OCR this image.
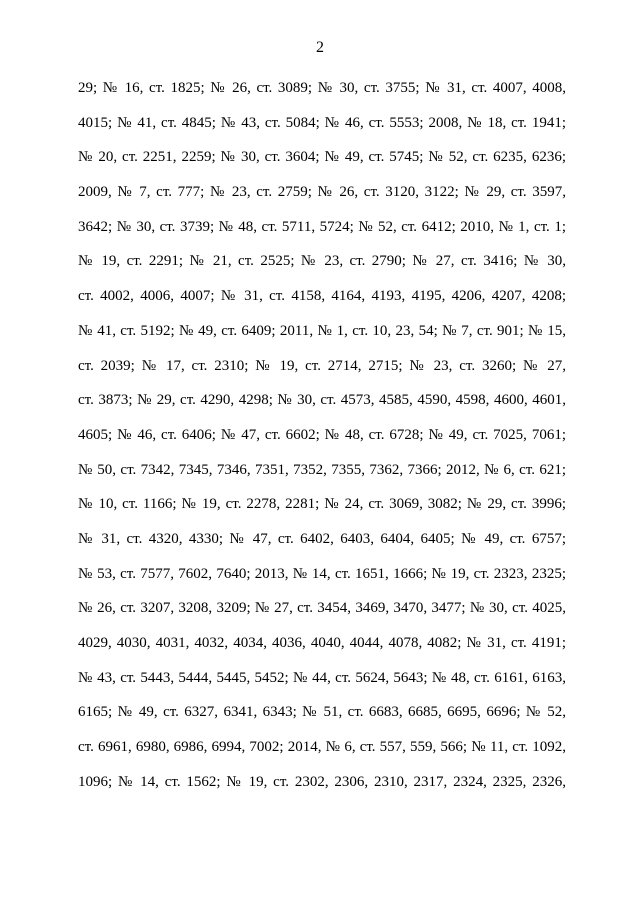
2
29; № 16, ст. 1825; № 26, ст. 3089; № 30, ст. 3755; № 31, ст. 4007, 4008,
4015; № 41, ст. 4845; № 43, ст. 5084; № 46, ст. 5553; 2008, № 18, ст. 1941;
№ 20, ст. 2251, 2259; № 30, ст. 3604; № 49, ст. 5745; № 52, ст. 6235, 6236;
2009, № 7, ст. 777; № 23, ст. 2759; № 26, ст. 3120, 3122; № 29, ст. 3597,
3642; № 30, ст. 3739; № 48, ст. 5711, 5724; № 52, ст. 6412; 2010, № 1, ст. 1;
№ 19, ст. 2291; № 21, ст. 2525; № 23, ст. 2790; № 27, ст. 3416; № 30,
ст. 4002, 4006, 4007; № 31, ст. 4158, 4164, 4193, 4195, 4206, 4207, 4208;
№ 41, ст. 5192; № 49, ст. 6409; 2011, № 1, ст. 10, 23, 54; № 7, ст. 901; № 15,
ст. 2039; № 17, ст. 2310; № 19, ст. 2714, 2715; № 23, ст. 3260; № 27,
ст. 3873; № 29, ст. 4290, 4298; № 30, ст. 4573, 4585, 4590, 4598, 4600, 4601,
4605; № 46, ст. 6406; № 47, ст. 6602; № 48, ст. 6728; № 49, ст. 7025, 7061;
№ 50, ст. 7342, 7345, 7346, 7351, 7352, 7355, 7362, 7366; 2012, № 6, ст. 621;
№ 10, ст. 1166; № 19, ст. 2278, 2281; № 24, ст. 3069, 3082; № 29, ст. 3996;
№ 31, ст. 4320, 4330; № 47, ст. 6402, 6403, 6404, 6405; № 49, ст. 6757;
№ 53, ст. 7577, 7602, 7640; 2013, № 14, ст. 1651, 1666; № 19, ст. 2323, 2325;
№ 26, ст. 3207, 3208, 3209; № 27, ст. 3454, 3469, 3470, 3477; № 30, ст. 4025,
4029, 4030, 4031, 4032, 4034, 4036, 4040, 4044, 4078, 4082; № 31, ст. 4191;
№ 43, ст. 5443, 5444, 5445, 5452; № 44, ст. 5624, 5643; № 48, ст. 6161, 6163,
6165; № 49, ст. 6327, 6341, 6343; № 51, ст. 6683, 6685, 6695, 6696; № 52,
ст. 6961, 6980, 6986, 6994, 7002; 2014, № 6, ст. 557, 559, 566; № 11, ст. 1092,
1096; № 14, ст. 1562; № 19, ст. 2302, 2306, 2310, 2317, 2324, 2325, 2326,
